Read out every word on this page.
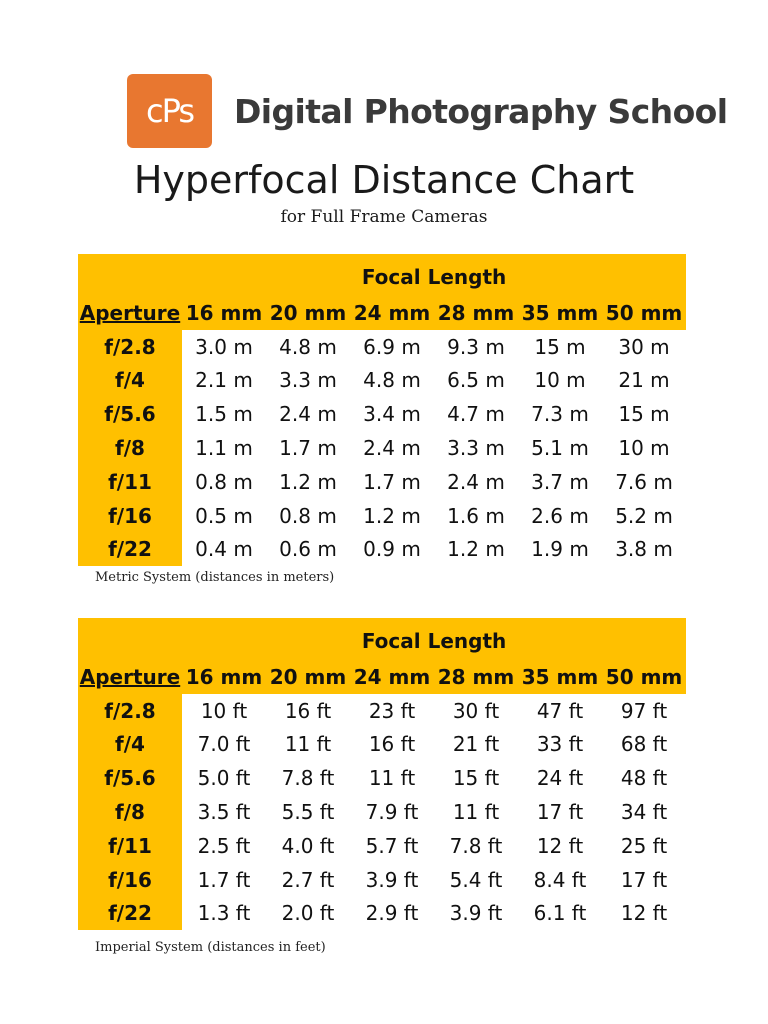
cPs Digital Photography School
Hyperfocal Distance Chart
for Full Frame Cameras
	Focal Length					
Aperture	16 mm	20 mm	24 mm	28 mm	35 mm	50 mm
f/2.8	3.0 m	4.8 m	6.9 m	9.3 m	15 m	30 m
f/4	2.1 m	3.3 m	4.8 m	6.5 m	10 m	21 m
f/5.6	1.5 m	2.4 m	3.4 m	4.7 m	7.3 m	15 m
f/8	1.1 m	1.7 m	2.4 m	3.3 m	5.1 m	10 m
f/11	0.8 m	1.2 m	1.7 m	2.4 m	3.7 m	7.6 m
f/16	0.5 m	0.8 m	1.2 m	1.6 m	2.6 m	5.2 m
f/22	0.4 m	0.6 m	0.9 m	1.2 m	1.9 m	3.8 m
Metric System (distances in meters)
	Focal Length					
Aperture	16 mm	20 mm	24 mm	28 mm	35 mm	50 mm
f/2.8	10 ft	16 ft	23 ft	30 ft	47 ft	97 ft
f/4	7.0 ft	11 ft	16 ft	21 ft	33 ft	68 ft
f/5.6	5.0 ft	7.8 ft	11 ft	15 ft	24 ft	48 ft
f/8	3.5 ft	5.5 ft	7.9 ft	11 ft	17 ft	34 ft
f/11	2.5 ft	4.0 ft	5.7 ft	7.8 ft	12 ft	25 ft
f/16	1.7 ft	2.7 ft	3.9 ft	5.4 ft	8.4 ft	17 ft
f/22	1.3 ft	2.0 ft	2.9 ft	3.9 ft	6.1 ft	12 ft
Imperial System (distances in feet)
